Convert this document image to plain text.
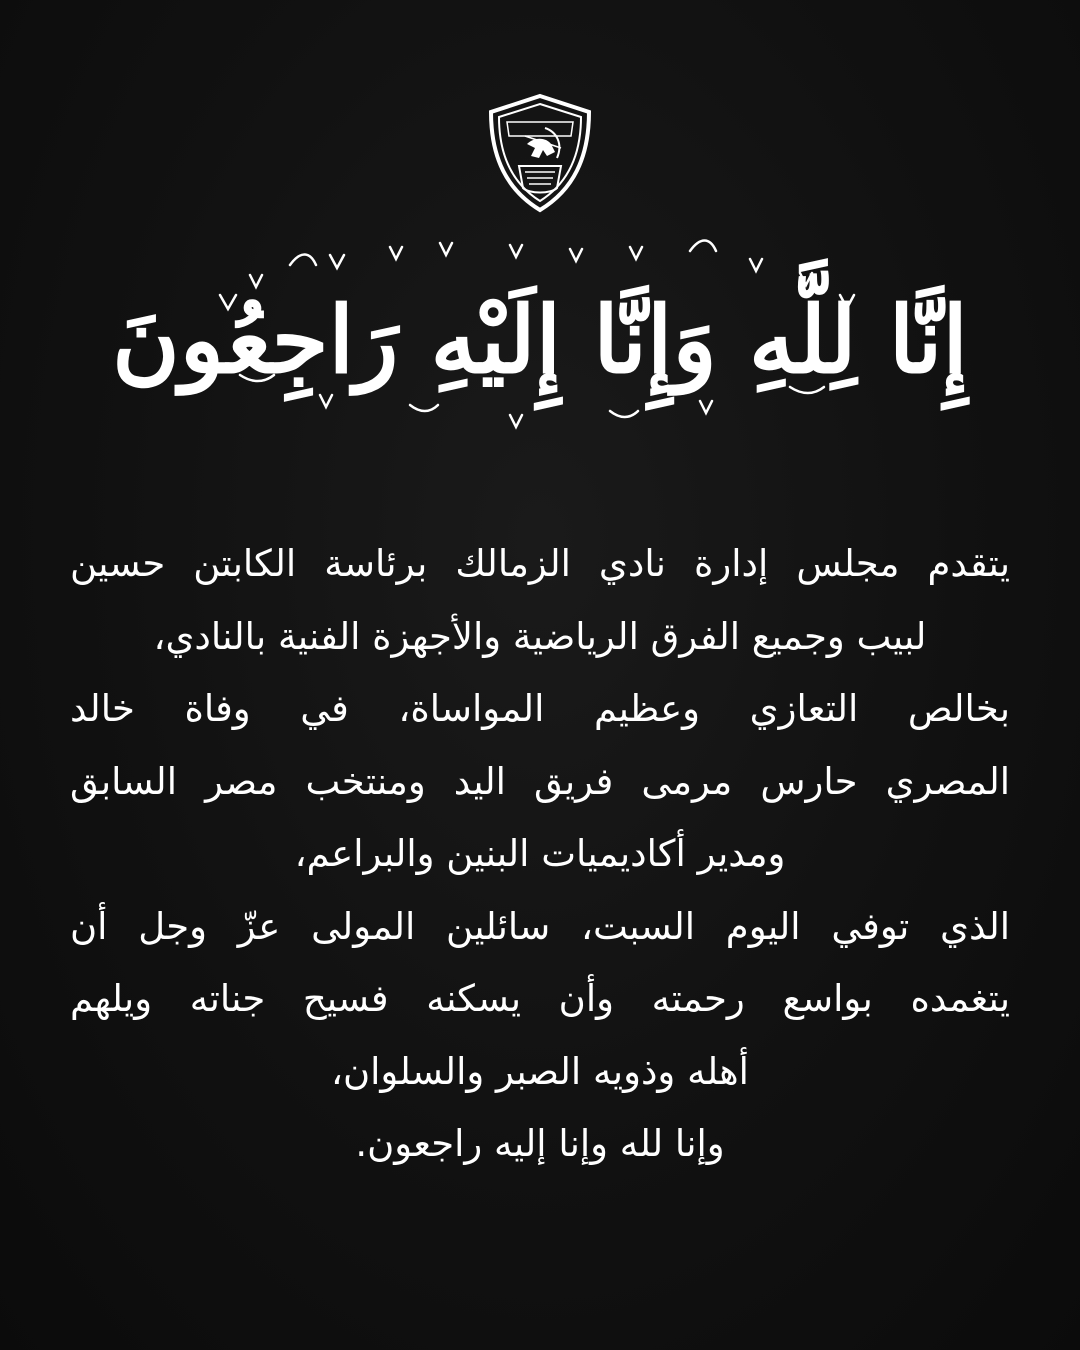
إِنَّا لِلَّهِ وَإِنَّا إِلَيْهِ رَاجِعُونَ
يتقدم مجلس إدارة نادي الزمالك برئاسة الكابتن حسين
لبيب وجميع الفرق الرياضية والأجهزة الفنية بالنادي،
بخالص التعازي وعظيم المواساة، في وفاة خالد
المصري حارس مرمى فريق اليد ومنتخب مصر السابق
ومدير أكاديميات البنين والبراعم،
الذي توفي اليوم السبت، سائلين المولى عزّ وجل أن
يتغمده بواسع رحمته وأن يسكنه فسيح جناته ويلهم
أهله وذويه الصبر والسلوان،
وإنا لله وإنا إليه راجعون.
